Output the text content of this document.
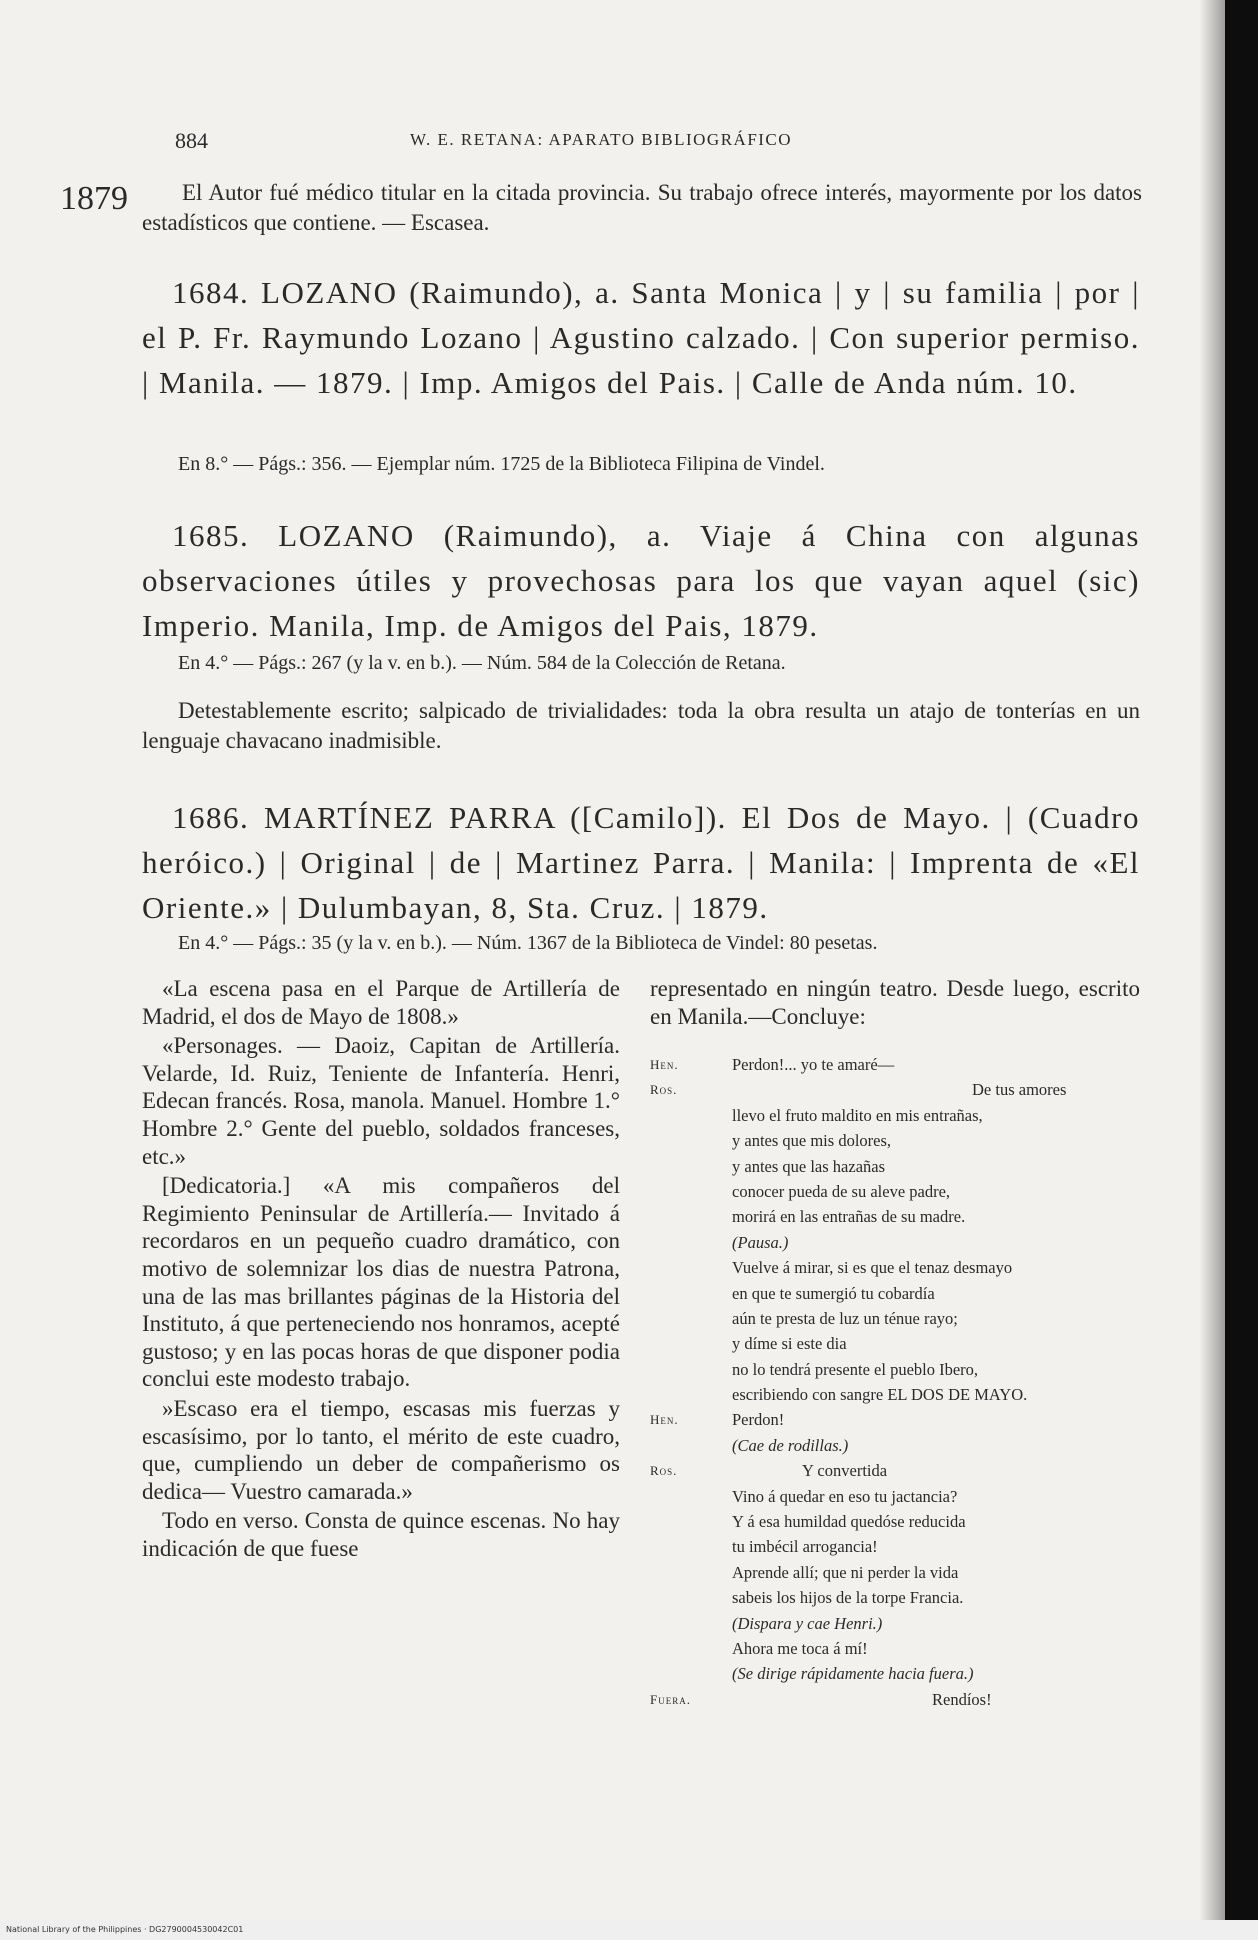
884	W. E. RETANA: APARATO BIBLIOGRÁFICO
1879	El Autor fué médico titular en la citada provincia. Su trabajo ofrece interés, mayormente por los datos estadísticos que contiene. — Escasea.
1684. LOZANO (Raimundo), a. Santa Monica | y | su familia | por | el P. Fr. Raymundo Lozano | Agustino calzado. | Con superior permiso. | Manila. — 1879. | Imp. Amigos del Pais. | Calle de Anda núm. 10.
En 8.° — Págs.: 356. — Ejemplar núm. 1725 de la Biblioteca Filipina de Vindel.
1685. LOZANO (Raimundo), a. Viaje á China con algunas observaciones útiles y provechosas para los que vayan aquel (sic) Imperio. Manila, Imp. de Amigos del Pais, 1879.
En 4.° — Págs.: 267 (y la v. en b.). — Núm. 584 de la Colección de Retana.
Detestablemente escrito; salpicado de trivialidades: toda la obra resulta un atajo de tonterías en un lenguaje chavacano inadmisible.
1686. MARTÍNEZ PARRA ([Camilo]). El Dos de Mayo. | (Cuadro heróico.) | Original | de | Martinez Parra. | Manila: | Imprenta de «El Oriente.» | Dulumbayan, 8, Sta. Cruz. | 1879.
En 4.° — Págs.: 35 (y la v. en b.). — Núm. 1367 de la Biblioteca de Vindel: 80 pesetas.

«La escena pasa en el Parque de Artillería de Madrid, el dos de Mayo de 1808.»

«Personages. — Daoiz, Capitan de Artillería. Velarde, Id. Ruiz, Teniente de Infantería. Henri, Edecan francés. Rosa, manola. Manuel. Hombre 1.° Hombre 2.° Gente del pueblo, soldados franceses, etc.»

[Dedicatoria.] «A mis compañeros del Regimiento Peninsular de Artillería.— Invitado á recordaros en un pequeño cuadro dramático, con motivo de solemnizar los dias de nuestra Patrona, una de las mas brillantes páginas de la Historia del Instituto, á que perteneciendo nos honramos, acepté gustoso; y en las pocas horas de que disponer podia conclui este modesto trabajo.

»Escaso era el tiempo, escasas mis fuerzas y escasísimo, por lo tanto, el mérito de este cuadro, que, cumpliendo un deber de compañerismo os dedica— Vuestro camarada.»

Todo en verso. Consta de quince escenas. No hay indicación de que fuese

representado en ningún teatro. Desde luego, escrito en Manila.—Concluye:
Hen.	Perdon!... yo te amaré—
Ros.	De tus amores
llevo el fruto maldito en mis entrañas,
y antes que mis dolores,
y antes que las hazañas
conocer pueda de su aleve padre,
morirá en las entrañas de su madre.
(Pausa.)
Vuelve á mirar, si es que el tenaz desmayo
en que te sumergió tu cobardía
aún te presta de luz un ténue rayo;
y díme si este dia
no lo tendrá presente el pueblo Ibero,
escribiendo con sangre EL DOS DE MAYO.
Hen.	Perdon!
(Cae de rodillas.)
Ros.	Y convertida
Vino á quedar en eso tu jactancia?
Y á esa humildad quedóse reducida
tu imbécil arrogancia!
Aprende allí; que ni perder la vida
sabeis los hijos de la torpe Francia.
(Dispara y cae Henri.)
Ahora me toca á mí!
(Se dirige rápidamente hacia fuera.)
Fuera.	Rendíos!
National Library of the Philippines · DG2790004530042C01
